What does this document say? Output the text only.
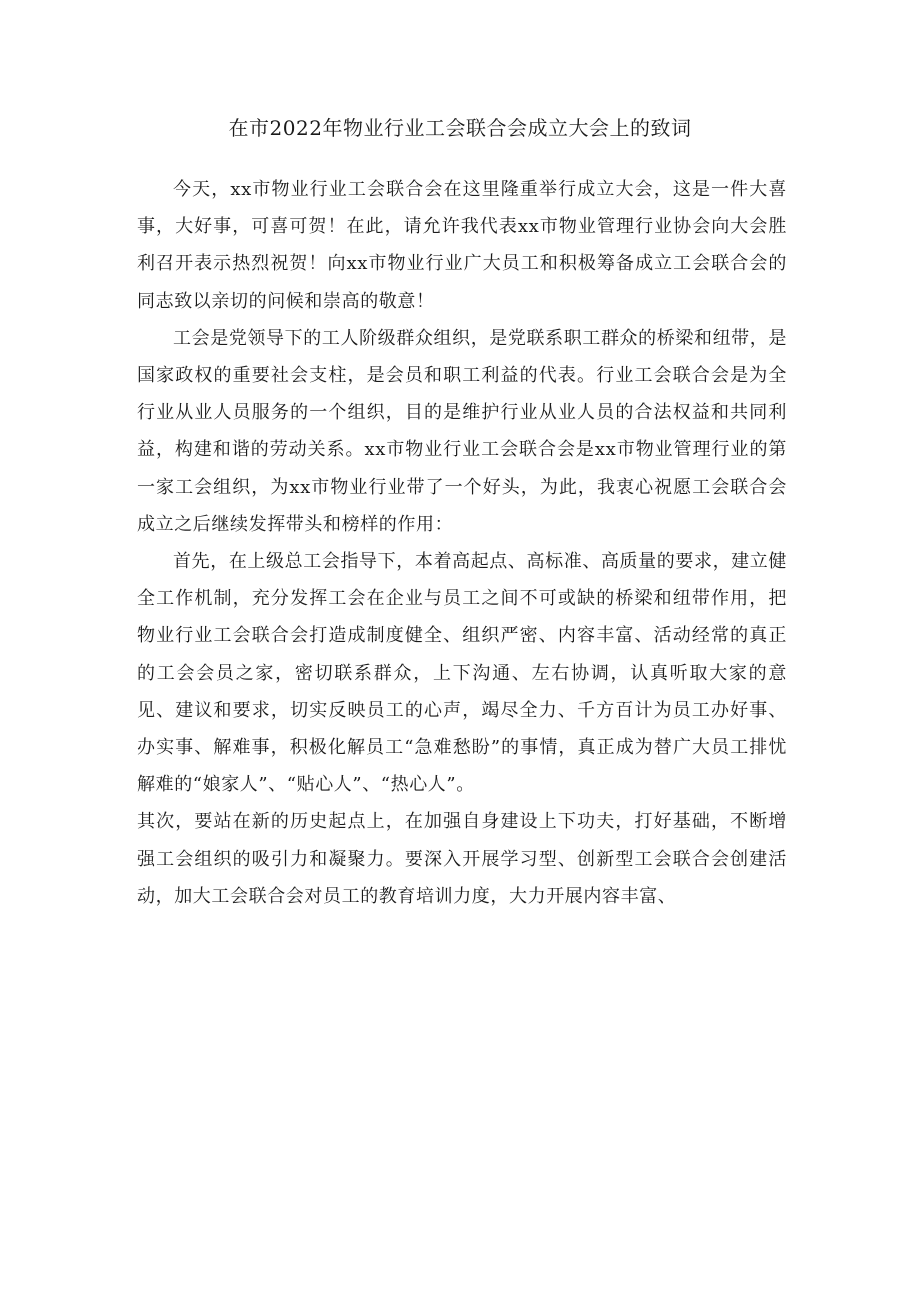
在市2022年物业行业工会联合会成立大会上的致词

今天，xx市物业行业工会联合会在这里隆重举行成立大会，这是一件大喜事，大好事，可喜可贺！在此，请允许我代表xx市物业管理行业协会向大会胜利召开表示热烈祝贺！向xx市物业行业广大员工和积极筹备成立工会联合会的同志致以亲切的问候和崇高的敬意！

工会是党领导下的工人阶级群众组织，是党联系职工群众的桥梁和纽带，是国家政权的重要社会支柱，是会员和职工利益的代表。行业工会联合会是为全行业从业人员服务的一个组织，目的是维护行业从业人员的合法权益和共同利益，构建和谐的劳动关系。xx市物业行业工会联合会是xx市物业管理行业的第一家工会组织，为xx市物业行业带了一个好头，为此，我衷心祝愿工会联合会成立之后继续发挥带头和榜样的作用：

首先，在上级总工会指导下，本着高起点、高标准、高质量的要求，建立健全工作机制，充分发挥工会在企业与员工之间不可或缺的桥梁和纽带作用，把物业行业工会联合会打造成制度健全、组织严密、内容丰富、活动经常的真正的工会会员之家，密切联系群众，上下沟通、左右协调，认真听取大家的意见、建议和要求，切实反映员工的心声，竭尽全力、千方百计为员工办好事、办实事、解难事，积极化解员工“急难愁盼”的事情，真正成为替广大员工排忧解难的“娘家人”、“贴心人”、“热心人”。

其次，要站在新的历史起点上，在加强自身建设上下功夫，打好基础，不断增强工会组织的吸引力和凝聚力。要深入开展学习型、创新型工会联合会创建活动，加大工会联合会对员工的教育培训力度，大力开展内容丰富、
